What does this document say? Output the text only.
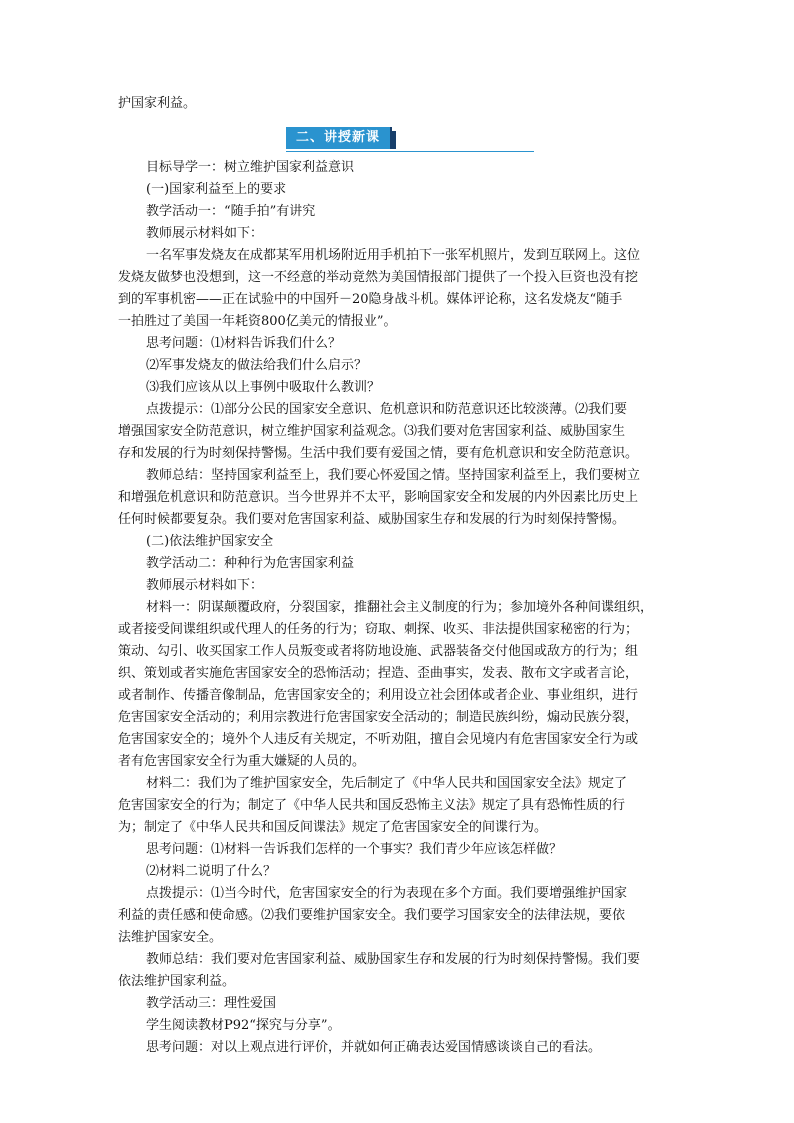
护国家利益。
二、讲授新课
目标导学一：树立维护国家利益意识
(一)国家利益至上的要求
教学活动一：“随手拍”有讲究
教师展示材料如下：
一名军事发烧友在成都某军用机场附近用手机拍下一张军机照片，发到互联网上。这位
发烧友做梦也没想到，这一不经意的举动竟然为美国情报部门提供了一个投入巨资也没有挖
到的军事机密——正在试验中的中国歼－20隐身战斗机。媒体评论称，这名发烧友“随手
一拍胜过了美国一年耗资800亿美元的情报业”。
思考问题：⑴材料告诉我们什么？
⑵军事发烧友的做法给我们什么启示？
⑶我们应该从以上事例中吸取什么教训？
点拨提示：⑴部分公民的国家安全意识、危机意识和防范意识还比较淡薄。⑵我们要
增强国家安全防范意识，树立维护国家利益观念。⑶我们要对危害国家利益、威胁国家生
存和发展的行为时刻保持警惕。生活中我们要有爱国之情，要有危机意识和安全防范意识。
教师总结：坚持国家利益至上，我们要心怀爱国之情。坚持国家利益至上，我们要树立
和增强危机意识和防范意识。当今世界并不太平，影响国家安全和发展的内外因素比历史上
任何时候都要复杂。我们要对危害国家利益、威胁国家生存和发展的行为时刻保持警惕。
(二)依法维护国家安全
教学活动二：种种行为危害国家利益
教师展示材料如下：
材料一：阴谋颠覆政府，分裂国家，推翻社会主义制度的行为；参加境外各种间谍组织，
或者接受间谍组织或代理人的任务的行为；窃取、刺探、收买、非法提供国家秘密的行为；
策动、勾引、收买国家工作人员叛变或者将防地设施、武器装备交付他国或敌方的行为；组
织、策划或者实施危害国家安全的恐怖活动；捏造、歪曲事实，发表、散布文字或者言论，
或者制作、传播音像制品，危害国家安全的；利用设立社会团体或者企业、事业组织，进行
危害国家安全活动的；利用宗教进行危害国家安全活动的；制造民族纠纷，煽动民族分裂，
危害国家安全的；境外个人违反有关规定，不听劝阻，擅自会见境内有危害国家安全行为或
者有危害国家安全行为重大嫌疑的人员的。
材料二：我们为了维护国家安全，先后制定了《中华人民共和国国家安全法》规定了
危害国家安全的行为；制定了《中华人民共和国反恐怖主义法》规定了具有恐怖性质的行
为；制定了《中华人民共和国反间谍法》规定了危害国家安全的间谍行为。
思考问题：⑴材料一告诉我们怎样的一个事实？我们青少年应该怎样做？
⑵材料二说明了什么？
点拨提示：⑴当今时代，危害国家安全的行为表现在多个方面。我们要增强维护国家
利益的责任感和使命感。⑵我们要维护国家安全。我们要学习国家安全的法律法规，要依
法维护国家安全。
教师总结：我们要对危害国家利益、威胁国家生存和发展的行为时刻保持警惕。我们要
依法维护国家利益。
教学活动三：理性爱国
学生阅读教材P92“探究与分享”。
思考问题：对以上观点进行评价，并就如何正确表达爱国情感谈谈自己的看法。
